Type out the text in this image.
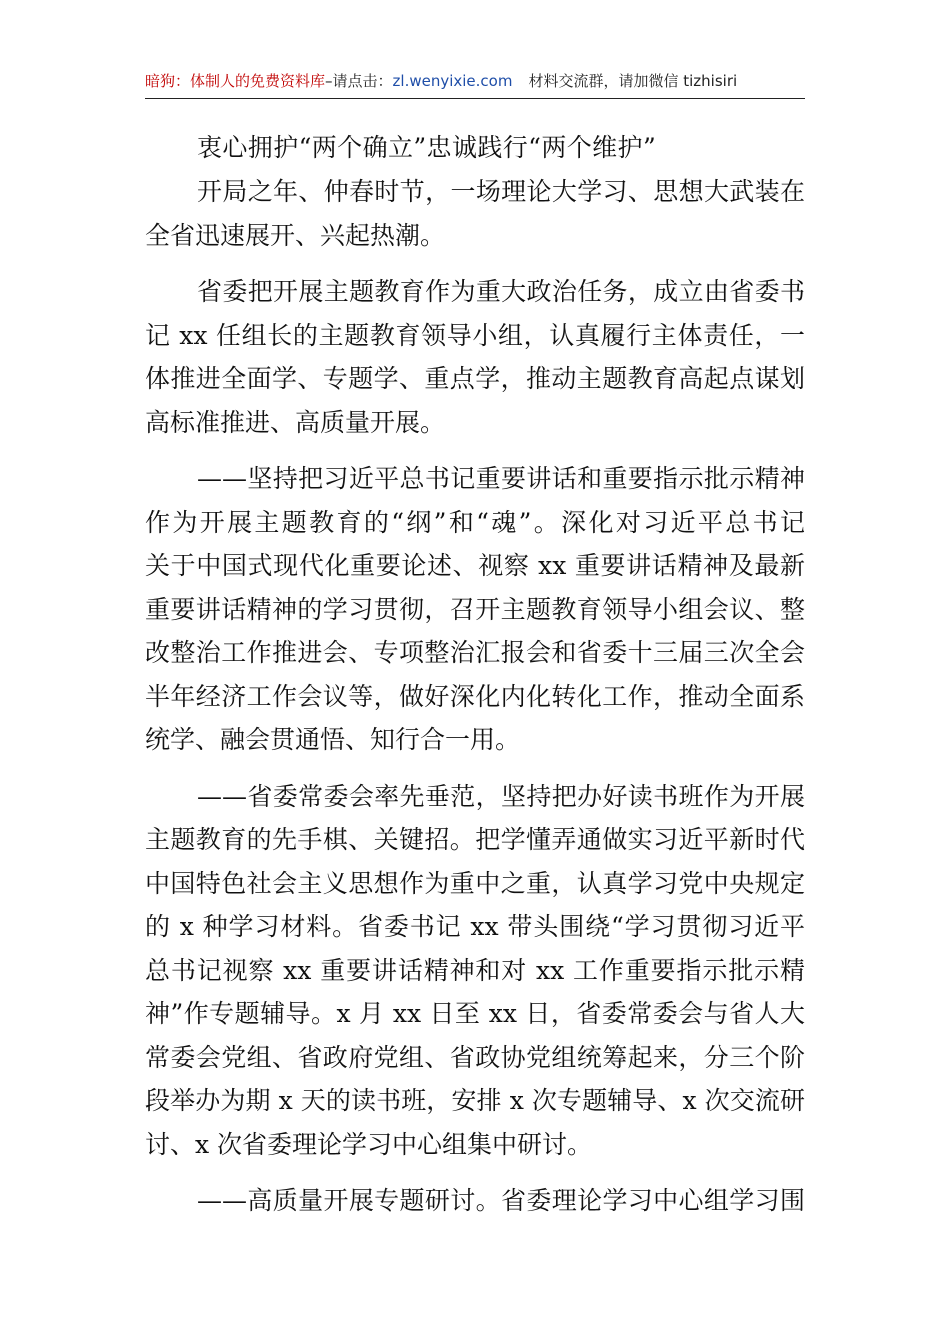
暗狗：体制人的免费资料库–请点击：zl.wenyixie.com 材料交流群，请加微信 tizhisiri
衷心拥护“两个确立”忠诚践行“两个维护”
开局之年、仲春时节，一场理论大学习、思想大武装在
全省迅速展开、兴起热潮。
省委把开展主题教育作为重大政治任务，成立由省委书
记 xx 任组长的主题教育领导小组，认真履行主体责任，一
体推进全面学、专题学、重点学，推动主题教育高起点谋划
高标准推进、高质量开展。
——坚持把习近平总书记重要讲话和重要指示批示精神
作为开展主题教育的“纲”和“魂”。深化对习近平总书记
关于中国式现代化重要论述、视察 xx 重要讲话精神及最新
重要讲话精神的学习贯彻，召开主题教育领导小组会议、整
改整治工作推进会、专项整治汇报会和省委十三届三次全会
半年经济工作会议等，做好深化内化转化工作，推动全面系
统学、融会贯通悟、知行合一用。
——省委常委会率先垂范，坚持把办好读书班作为开展
主题教育的先手棋、关键招。把学懂弄通做实习近平新时代
中国特色社会主义思想作为重中之重，认真学习党中央规定
的 x 种学习材料。省委书记 xx 带头围绕“学习贯彻习近平
总书记视察 xx 重要讲话精神和对 xx 工作重要指示批示精
神”作专题辅导。x 月 xx 日至 xx 日，省委常委会与省人大
常委会党组、省政府党组、省政协党组统筹起来，分三个阶
段举办为期 x 天的读书班，安排 x 次专题辅导、x 次交流研
讨、x 次省委理论学习中心组集中研讨。
——高质量开展专题研讨。省委理论学习中心组学习围
